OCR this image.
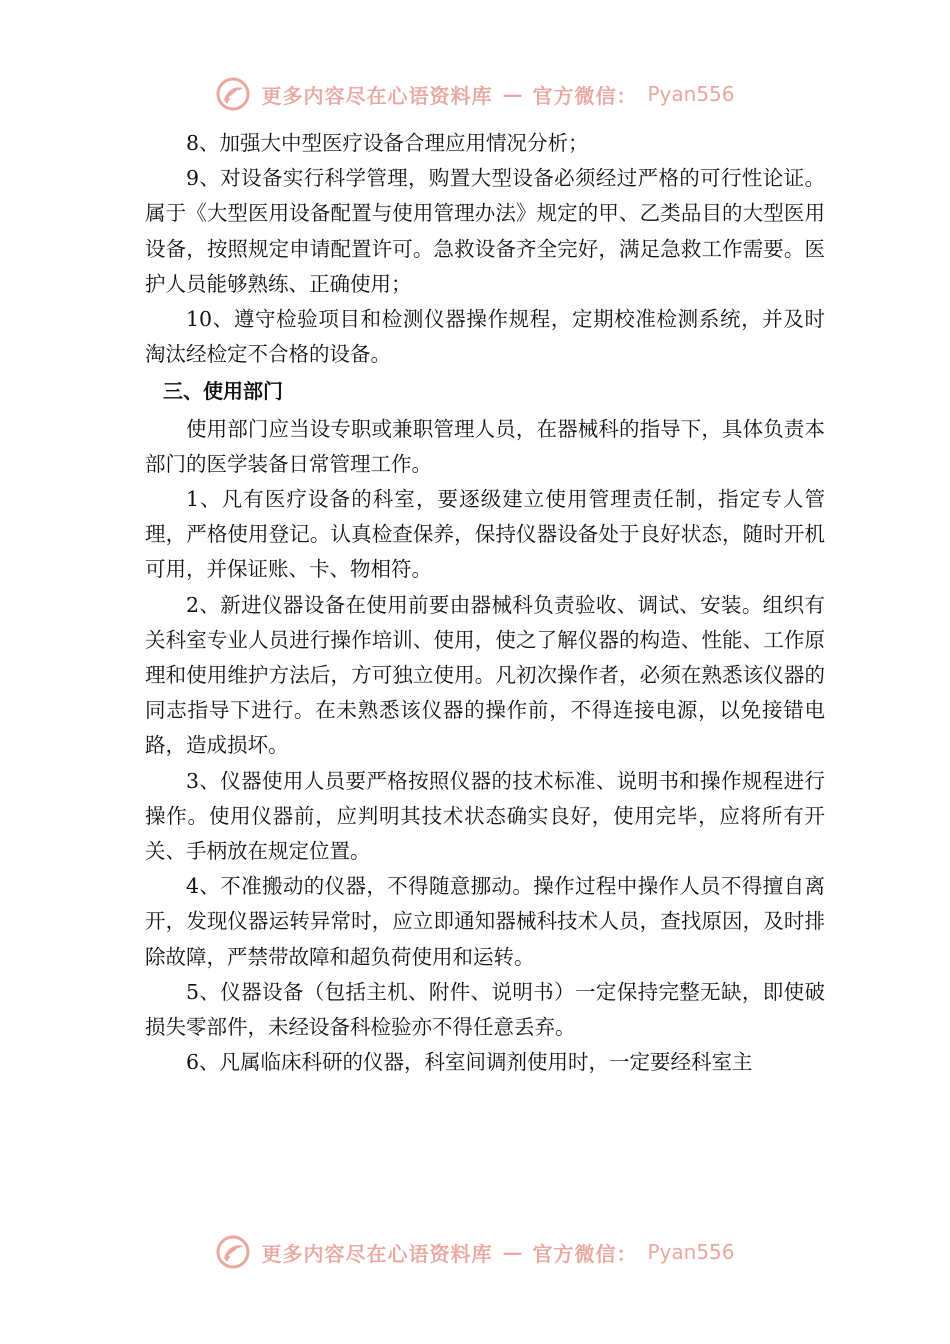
更多内容尽在心语资料库 — 官方微信： Pyan556

8、加强大中型医疗设备合理应用情况分析；

9、对设备实行科学管理，购置大型设备必须经过严格的可行性论证。属于《大型医用设备配置与使用管理办法》规定的甲、乙类品目的大型医用设备，按照规定申请配置许可。急救设备齐全完好，满足急救工作需要。医护人员能够熟练、正确使用；

10、遵守检验项目和检测仪器操作规程，定期校准检测系统，并及时淘汰经检定不合格的设备。

三、使用部门

使用部门应当设专职或兼职管理人员，在器械科的指导下，具体负责本部门的医学装备日常管理工作。

1、凡有医疗设备的科室，要逐级建立使用管理责任制，指定专人管理，严格使用登记。认真检查保养，保持仪器设备处于良好状态，随时开机可用，并保证账、卡、物相符。

2、新进仪器设备在使用前要由器械科负责验收、调试、安装。组织有关科室专业人员进行操作培训、使用，使之了解仪器的构造、性能、工作原理和使用维护方法后，方可独立使用。凡初次操作者，必须在熟悉该仪器的同志指导下进行。在未熟悉该仪器的操作前，不得连接电源，以免接错电路，造成损坏。

3、仪器使用人员要严格按照仪器的技术标准、说明书和操作规程进行操作。使用仪器前，应判明其技术状态确实良好，使用完毕，应将所有开关、手柄放在规定位置。

4、不准搬动的仪器，不得随意挪动。操作过程中操作人员不得擅自离开，发现仪器运转异常时，应立即通知器械科技术人员，查找原因，及时排除故障，严禁带故障和超负荷使用和运转。

5、仪器设备（包括主机、附件、说明书）一定保持完整无缺，即使破损失零部件，未经设备科检验亦不得任意丢弃。

6、凡属临床科研的仪器，科室间调剂使用时，一定要经科室主

更多内容尽在心语资料库 — 官方微信： Pyan556
